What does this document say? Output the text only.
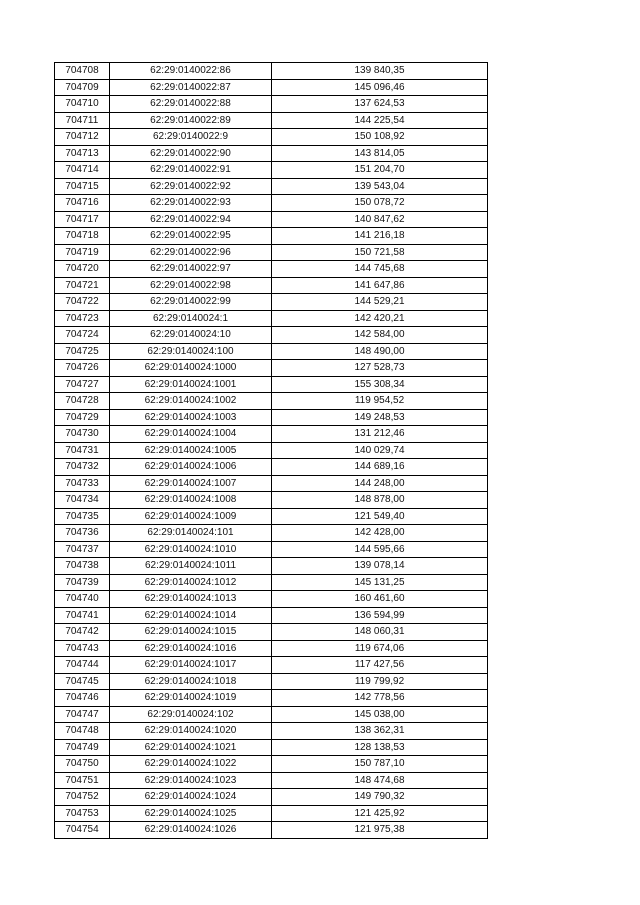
704708	62:29:0140022:86	139 840,35
704709	62:29:0140022:87	145 096,46
704710	62:29:0140022:88	137 624,53
704711	62:29:0140022:89	144 225,54
704712	62:29:0140022:9	150 108,92
704713	62:29:0140022:90	143 814,05
704714	62:29:0140022:91	151 204,70
704715	62:29:0140022:92	139 543,04
704716	62:29:0140022:93	150 078,72
704717	62:29:0140022:94	140 847,62
704718	62:29:0140022:95	141 216,18
704719	62:29:0140022:96	150 721,58
704720	62:29:0140022:97	144 745,68
704721	62:29:0140022:98	141 647,86
704722	62:29:0140022:99	144 529,21
704723	62:29:0140024:1	142 420,21
704724	62:29:0140024:10	142 584,00
704725	62:29:0140024:100	148 490,00
704726	62:29:0140024:1000	127 528,73
704727	62:29:0140024:1001	155 308,34
704728	62:29:0140024:1002	119 954,52
704729	62:29:0140024:1003	149 248,53
704730	62:29:0140024:1004	131 212,46
704731	62:29:0140024:1005	140 029,74
704732	62:29:0140024:1006	144 689,16
704733	62:29:0140024:1007	144 248,00
704734	62:29:0140024:1008	148 878,00
704735	62:29:0140024:1009	121 549,40
704736	62:29:0140024:101	142 428,00
704737	62:29:0140024:1010	144 595,66
704738	62:29:0140024:1011	139 078,14
704739	62:29:0140024:1012	145 131,25
704740	62:29:0140024:1013	160 461,60
704741	62:29:0140024:1014	136 594,99
704742	62:29:0140024:1015	148 060,31
704743	62:29:0140024:1016	119 674,06
704744	62:29:0140024:1017	117 427,56
704745	62:29:0140024:1018	119 799,92
704746	62:29:0140024:1019	142 778,56
704747	62:29:0140024:102	145 038,00
704748	62:29:0140024:1020	138 362,31
704749	62:29:0140024:1021	128 138,53
704750	62:29:0140024:1022	150 787,10
704751	62:29:0140024:1023	148 474,68
704752	62:29:0140024:1024	149 790,32
704753	62:29:0140024:1025	121 425,92
704754	62:29:0140024:1026	121 975,38
